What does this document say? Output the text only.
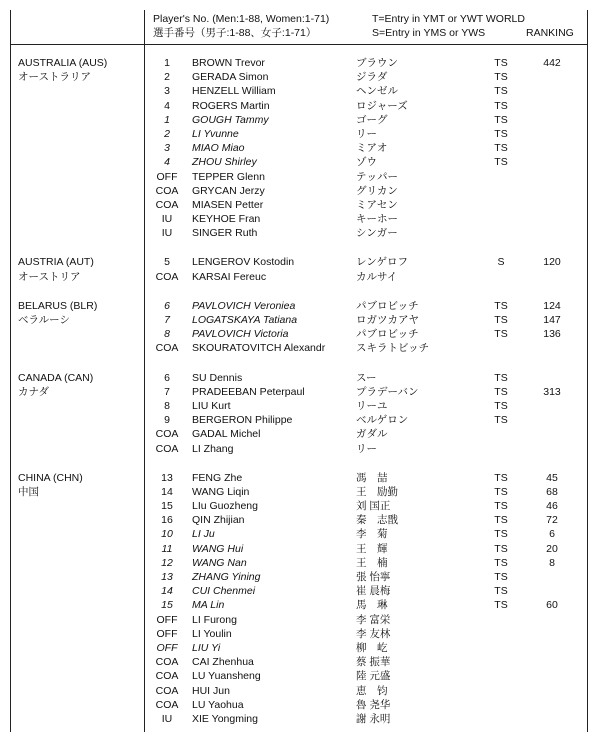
Player's No. (Men:1-88, Women:1-71)
選手番号（男子:1-88、女子:1-71）
T=Entry in YMT or YWT WORLD
S=Entry in YMS or YWS	RANKING
AUSTRALIA (AUS)
オーストラリア
1	BROWN Trevor	ブラウン	TS	442
2	GERADA Simon	ジラダ	TS
3	HENZELL William	ヘンゼル	TS
4	ROGERS Martin	ロジャーズ	TS
1	GOUGH Tammy	ゴーグ	TS
2	LI Yvunne	リー	TS
3	MIAO Miao	ミアオ	TS
4	ZHOU Shirley	ゾウ	TS
OFF	TEPPER Glenn	テッパー
COA	GRYCAN Jerzy	グリカン
COA	MIASEN Petter	ミアセン
IU	KEYHOE Fran	キーホー
IU	SINGER Ruth	シンガー
AUSTRIA (AUT)
オーストリア
5	LENGEROV Kostodin	レンゲロフ	S	120
COA	KARSAI Fereuc	カルサイ
BELARUS (BLR)
ベラルーシ
6	PAVLOVICH Veroniea	パブロビッチ	TS	124
7	LOGATSKAYA Tatiana	ロガツカアヤ	TS	147
8	PAVLOVICH Victoria	パブロビッチ	TS	136
COA	SKOURATOVITCH Alexandr	スキラトビッチ
CANADA (CAN)
カナダ
6	SU Dennis	スー	TS
7	PRADEEBAN Peterpaul	プラデーバン	TS	313
8	LIU Kurt	リーユ	TS
9	BERGERON Philippe	ベルゲロン	TS
COA	GADAL Michel	ガダル
COA	LI Zhang	リー
CHINA (CHN)
中国
13	FENG Zhe	馮　喆	TS	45
14	WANG Liqin	王　励勤	TS	68
15	LIu Guozheng	刘 国正	TS	46
16	QIN Zhijian	秦　志戬	TS	72
10	LI Ju	李　菊	TS	6
11	WANG Hui	王　輝	TS	20
12	WANG Nan	王　楠	TS	8
13	ZHANG Yining	張 怡寧	TS
14	CUI Chenmei	崔 晨梅	TS
15	MA Lin	馬　琳	TS	60
OFF	LI Furong	李 富栄
OFF	LI Youlin	李 友林
OFF	LIU Yi	柳　屹
COA	CAI Zhenhua	蔡 振華
COA	LU Yuansheng	陸 元盛
COA	HUI Jun	恵　钧
COA	LU Yaohua	魯 尧华
IU	XIE Yongming	謝 永明
